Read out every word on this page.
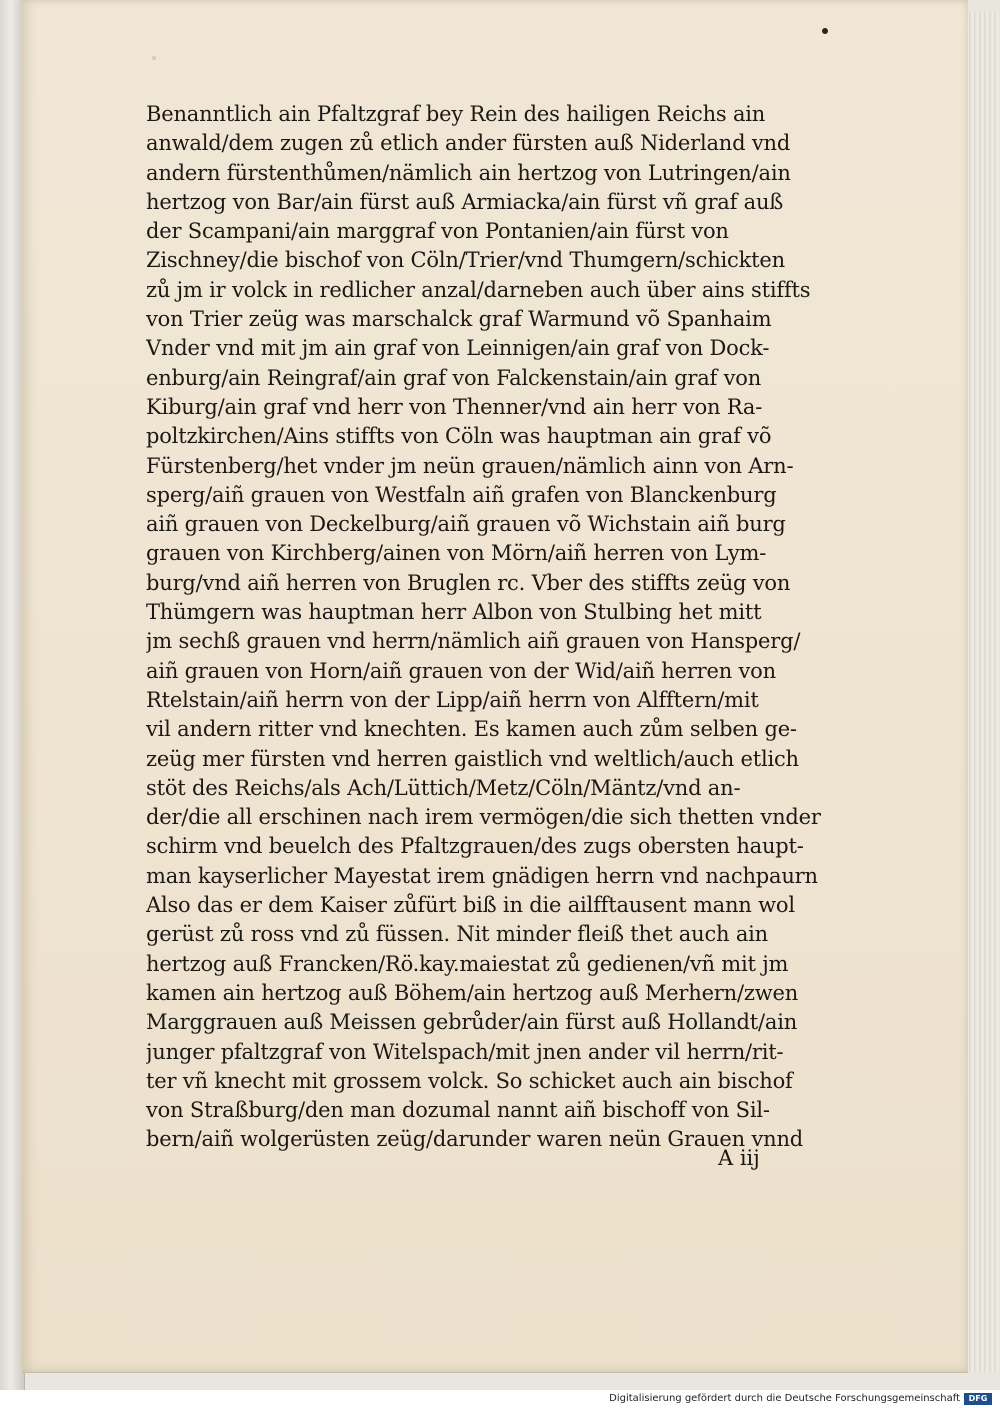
ᵘ
Benanntlich ain Pfaltzgraf bey Rein des hailigen Reichs ain
anwald/dem zugen zů etlich ander fürsten auß Niderland vnd
andern fürstenthůmen/nämlich ain hertzog von Lutringen/ain
hertzog von Bar/ain fürst auß Armiacka/ain fürst vñ graf auß
der Scampani/ain marggraf von Pontanien/ain fürst von
Zischney/die bischof von Cöln/Trier/vnd Thumgern/schickten
zů jm ir volck in redlicher anzal/darneben auch über ains stiffts
von Trier zeüg was marschalck graf Warmund võ Spanhaim
Vnder vnd mit jm ain graf von Leinnigen/ain graf von Dock-
enburg/ain Reingraf/ain graf von Falckenstain/ain graf von
Kiburg/ain graf vnd herr von Thenner/vnd ain herr von Ra-
poltzkirchen/Ains stiffts von Cöln was hauptman ain graf võ
Fürstenberg/het vnder jm neün grauen/nämlich ainn von Arn-
sperg/aiñ grauen von Westfaln aiñ grafen von Blanckenburg
aiñ grauen von Deckelburg/aiñ grauen võ Wichstain aiñ burg
grauen von Kirchberg/ainen von Mörn/aiñ herren von Lym-
burg/vnd aiñ herren von Bruglen rc. Vber des stiffts zeüg von
Thümgern was hauptman herr Albon von Stulbing het mitt
jm sechß grauen vnd herrn/nämlich aiñ grauen von Hansperg/
aiñ grauen von Horn/aiñ grauen von der Wid/aiñ herren von
Rtelstain/aiñ herrn von der Lipp/aiñ herrn von Alfftern/mit
vil andern ritter vnd knechten. Es kamen auch zům selben ge-
zeüg mer fürsten vnd herren gaistlich vnd weltlich/auch etlich
stöt des Reichs/als Ach/Lüttich/Metz/Cöln/Mäntz/vnd an-
der/die all erschinen nach irem vermögen/die sich thetten vnder
schirm vnd beuelch des Pfaltzgrauen/des zugs obersten haupt-
man kayserlicher Mayestat irem gnädigen herrn vnd nachpaurn
Also das er dem Kaiser zůfürt biß in die ailfftausent mann wol
gerüst zů ross vnd zů füssen. Nit minder fleiß thet auch ain
hertzog auß Francken/Rö.kay.maiestat zů gedienen/vñ mit jm
kamen ain hertzog auß Böhem/ain hertzog auß Merhern/zwen
Marggrauen auß Meissen gebrůder/ain fürst auß Hollandt/ain
junger pfaltzgraf von Witelspach/mit jnen ander vil herrn/rit-
ter vñ knecht mit grossem volck. So schicket auch ain bischof
von Straßburg/den man dozumal nannt aiñ bischoff von Sil-
bern/aiñ wolgerüsten zeüg/darunder waren neün Grauen vnnd
A iij
Digitalisierung gefördert durch die Deutsche Forschungsgemeinschaft	DFG
